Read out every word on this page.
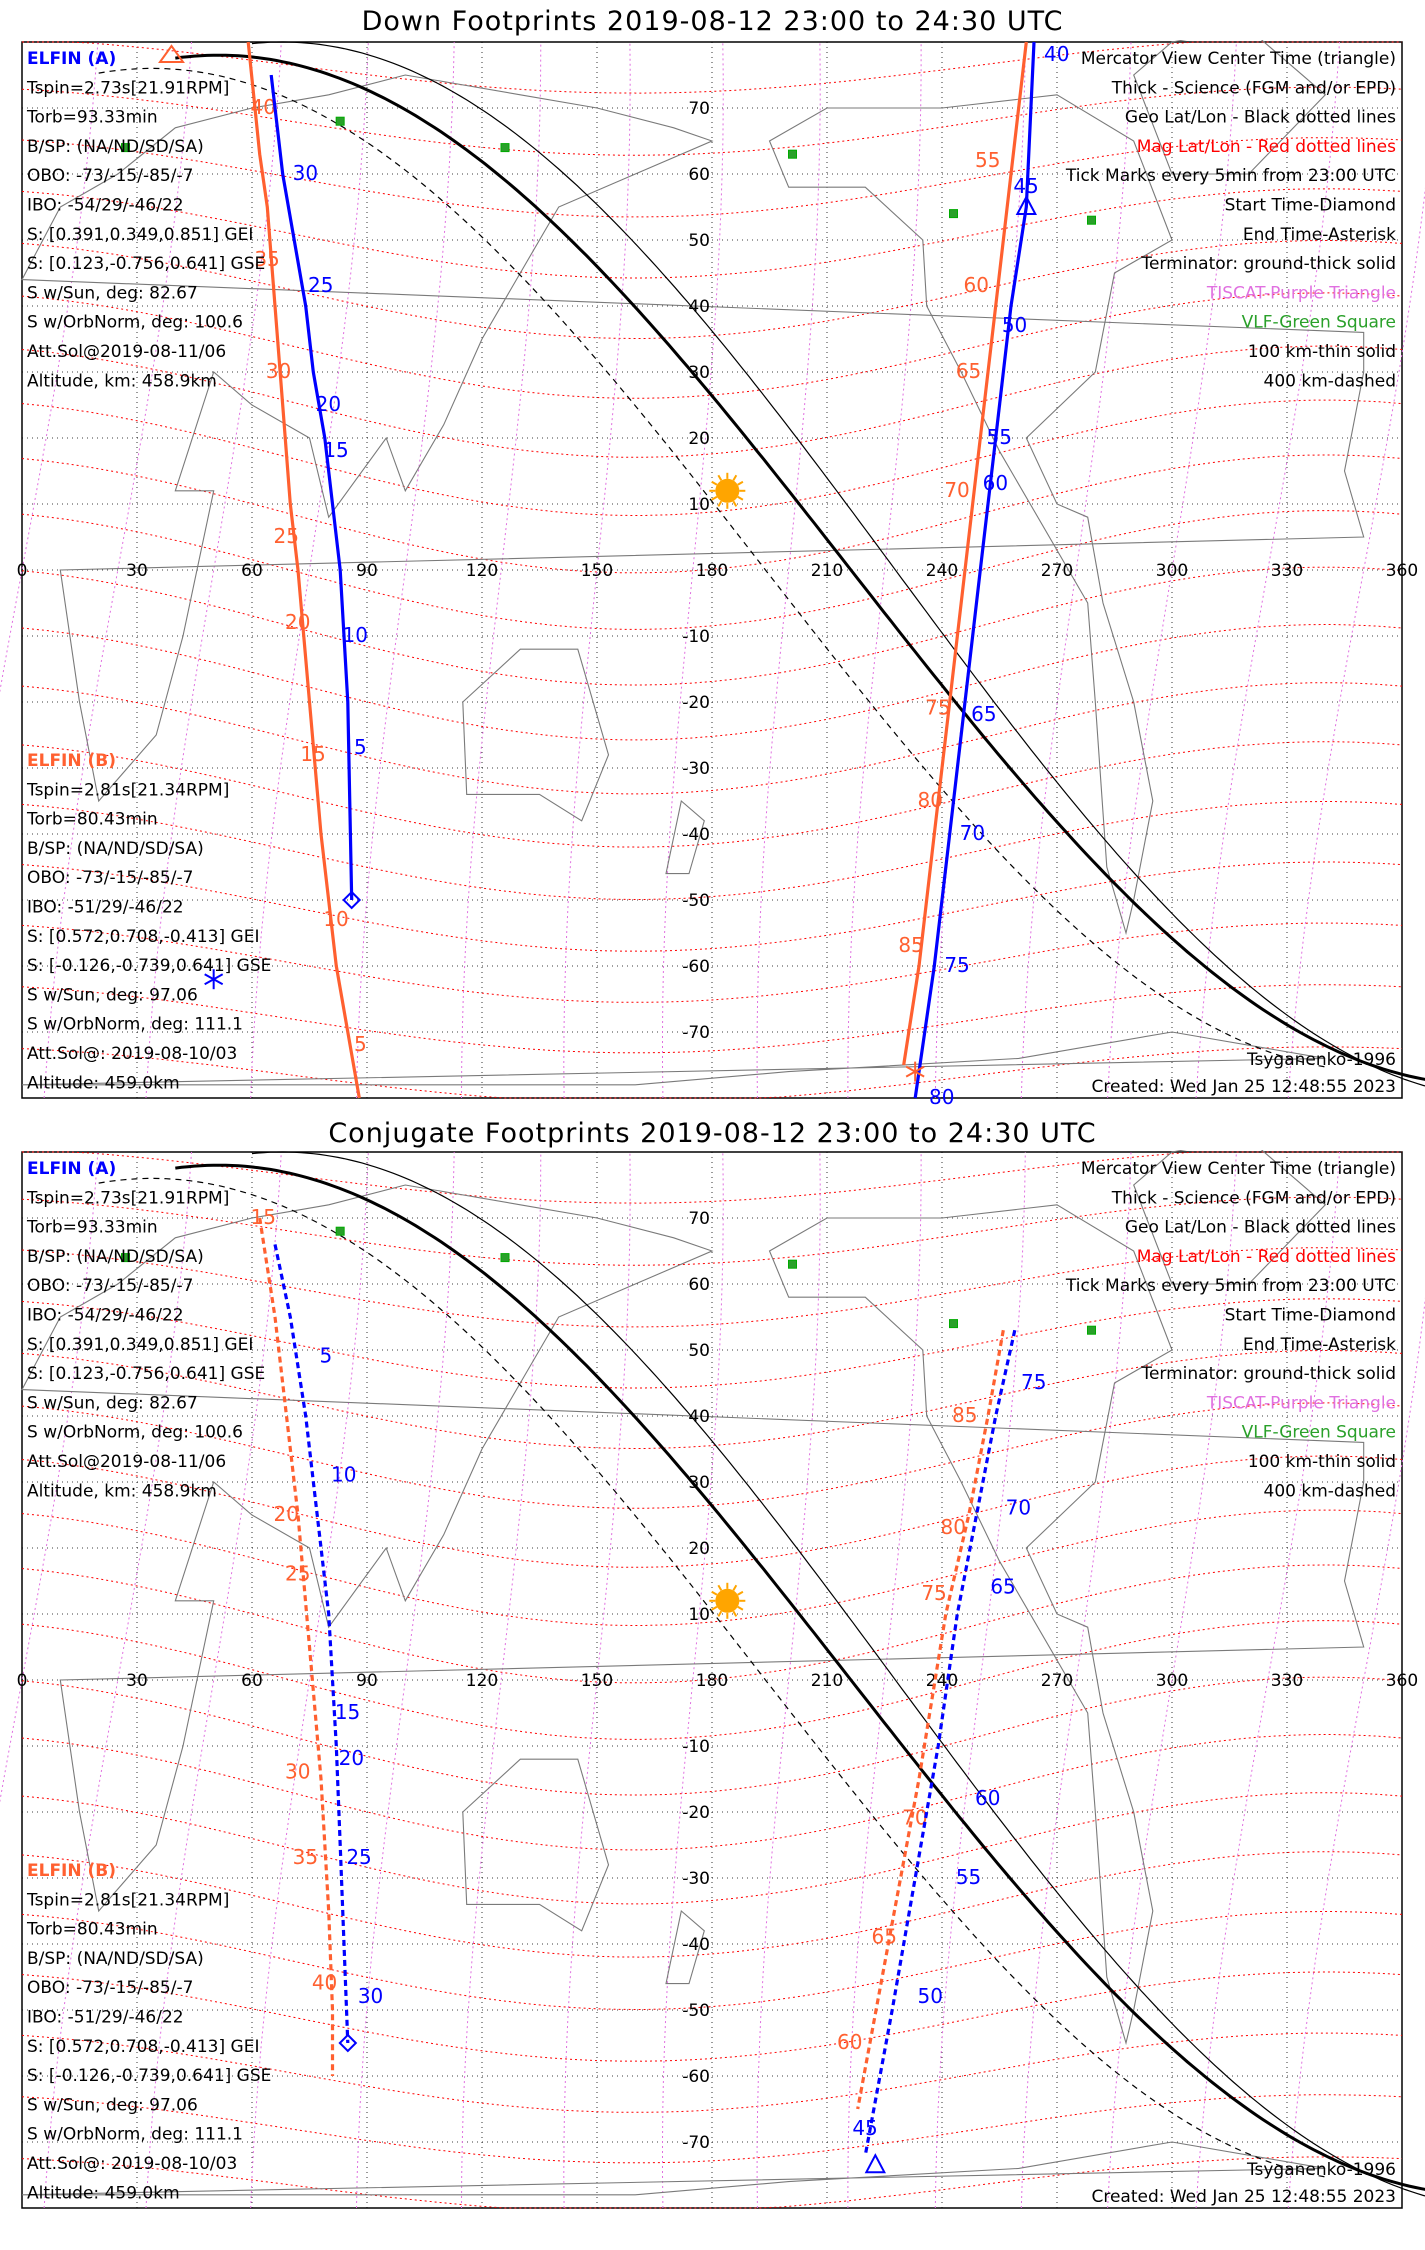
Down Footprints 2019-08-12 23:00 to 24:30 UTC
0	30	60	90	120	150	180	210	240	270	300	330	360
70
60
50
40
30
20
10
-10
-20
-30
-40
-50
-60
-70
40
35
30
25
20
15
10
5
55
60
65
70
75
80
85
30
25
20
15
10
5
40
45
50
55
60
65
70
75
80
ELFIN (A)
Tspin=2.73s[21.91RPM]
Torb=93.33min
B/SP: (NA/ND/SD/SA)
OBO: -73/-15/-85/-7
IBO: -54/29/-46/22
S: [0.391,0.349,0.851] GEI
S: [0.123,-0.756,0.641] GSE
S w/Sun, deg: 82.67
S w/OrbNorm, deg: 100.6
Att.Sol@2019-08-11/06
Altitude, km: 458.9km
ELFIN (B)
Tspin=2.81s[21.34RPM]
Torb=80.43min
B/SP: (NA/ND/SD/SA)
OBO: -73/-15/-85/-7
IBO: -51/29/-46/22
S: [0.572,0.708,-0.413] GEI
S: [-0.126,-0.739,0.641] GSE
S w/Sun, deg: 97.06
S w/OrbNorm, deg: 111.1
Att.Sol@: 2019-08-10/03
Altitude: 459.0km
Mercator View Center Time (triangle)
Thick - Science (FGM and/or EPD)
Geo Lat/Lon - Black dotted lines
Mag Lat/Lon - Red dotted lines
Tick Marks every 5min from 23:00 UTC
Start Time-Diamond
End Time-Asterisk
Terminator: ground-thick solid
TISCAT-Purple Triangle
VLF-Green Square
100 km-thin solid
400 km-dashed
Tsyganenko-1996
Created: Wed Jan 25 12:48:55 2023
Conjugate Footprints 2019-08-12 23:00 to 24:30 UTC
0	30	60	90	120	150	180	210	240	270	300	330	360
70
60
50
40
30
20
10
-10
-20
-30
-40
-50
-60
-70
15
20
25
30
35
40
85
80
75
70
65
60
5
10
15
20
25
30
75
70
65
60
55
50
45
ELFIN (A)
Tspin=2.73s[21.91RPM]
Torb=93.33min
B/SP: (NA/ND/SD/SA)
OBO: -73/-15/-85/-7
IBO: -54/29/-46/22
S: [0.391,0.349,0.851] GEI
S: [0.123,-0.756,0.641] GSE
S w/Sun, deg: 82.67
S w/OrbNorm, deg: 100.6
Att.Sol@2019-08-11/06
Altitude, km: 458.9km
ELFIN (B)
Tspin=2.81s[21.34RPM]
Torb=80.43min
B/SP: (NA/ND/SD/SA)
OBO: -73/-15/-85/-7
IBO: -51/29/-46/22
S: [0.572,0.708,-0.413] GEI
S: [-0.126,-0.739,0.641] GSE
S w/Sun, deg: 97.06
S w/OrbNorm, deg: 111.1
Att.Sol@: 2019-08-10/03
Altitude: 459.0km
Mercator View Center Time (triangle)
Thick - Science (FGM and/or EPD)
Geo Lat/Lon - Black dotted lines
Mag Lat/Lon - Red dotted lines
Tick Marks every 5min from 23:00 UTC
Start Time-Diamond
End Time-Asterisk
Terminator: ground-thick solid
TISCAT-Purple Triangle
VLF-Green Square
100 km-thin solid
400 km-dashed
Tsyganenko-1996
Created: Wed Jan 25 12:48:55 2023
